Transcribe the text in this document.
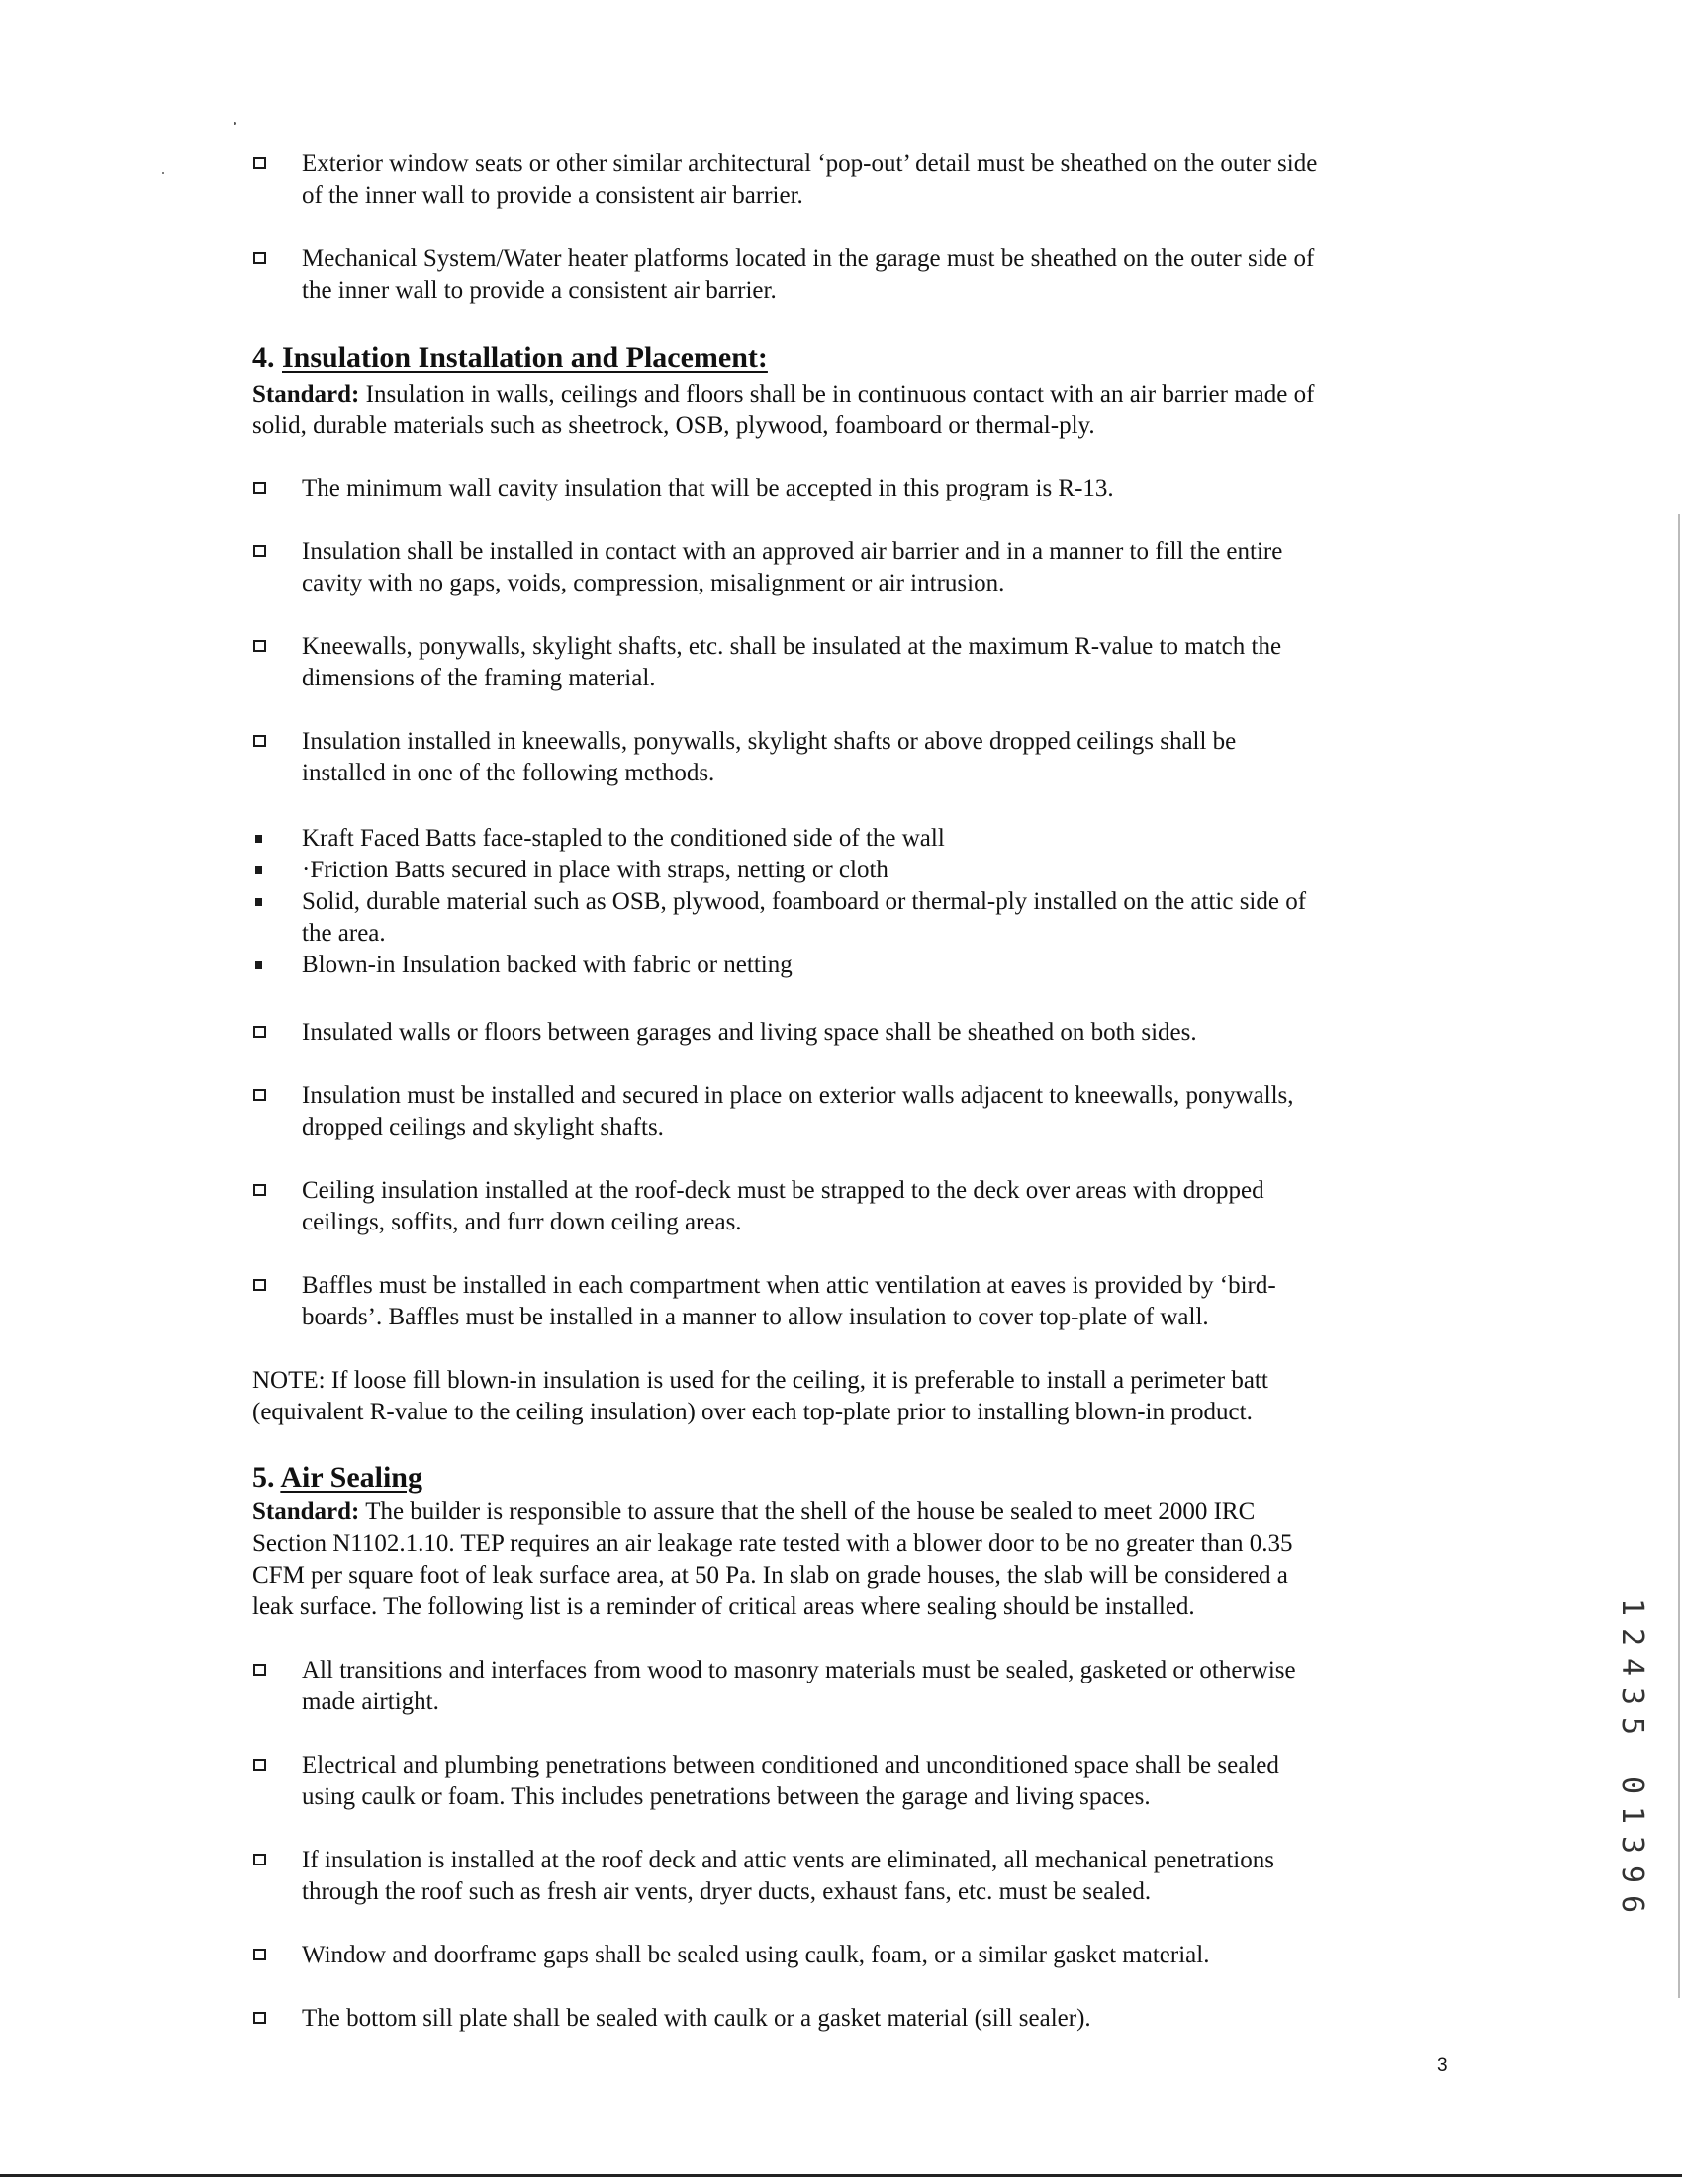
Exterior window seats or other similar architectural ‘pop-out’ detail must be sheathed on the outer side
of the inner wall to provide a consistent air barrier.
Mechanical System/Water heater platforms located in the garage must be sheathed on the outer side of
the inner wall to provide a consistent air barrier.
4. Insulation Installation and Placement:
Standard: Insulation in walls, ceilings and floors shall be in continuous contact with an air barrier made of
solid, durable materials such as sheetrock, OSB, plywood, foamboard or thermal-ply.
The minimum wall cavity insulation that will be accepted in this program is R-13.
Insulation shall be installed in contact with an approved air barrier and in a manner to fill the entire
cavity with no gaps, voids, compression, misalignment or air intrusion.
Kneewalls, ponywalls, skylight shafts, etc. shall be insulated at the maximum R-value to match the
dimensions of the framing material.
Insulation installed in kneewalls, ponywalls, skylight shafts or above dropped ceilings shall be
installed in one of the following methods.
Kraft Faced Batts face-stapled to the conditioned side of the wall
·Friction Batts secured in place with straps, netting or cloth
Solid, durable material such as OSB, plywood, foamboard or thermal-ply installed on the attic side of
the area.
Blown-in Insulation backed with fabric or netting
Insulated walls or floors between garages and living space shall be sheathed on both sides.
Insulation must be installed and secured in place on exterior walls adjacent to kneewalls, ponywalls,
dropped ceilings and skylight shafts.
Ceiling insulation installed at the roof-deck must be strapped to the deck over areas with dropped
ceilings, soffits, and furr down ceiling areas.
Baffles must be installed in each compartment when attic ventilation at eaves is provided by ‘bird-
boards’. Baffles must be installed in a manner to allow insulation to cover top-plate of wall.
NOTE: If loose fill blown-in insulation is used for the ceiling, it is preferable to install a perimeter batt
(equivalent R-value to the ceiling insulation) over each top-plate prior to installing blown-in product.
5. Air Sealing
Standard: The builder is responsible to assure that the shell of the house be sealed to meet 2000 IRC
Section N1102.1.10. TEP requires an air leakage rate tested with a blower door to be no greater than 0.35
CFM per square foot of leak surface area, at 50 Pa. In slab on grade houses, the slab will be considered a
leak surface. The following list is a reminder of critical areas where sealing should be installed.
All transitions and interfaces from wood to masonry materials must be sealed, gasketed or otherwise
made airtight.
Electrical and plumbing penetrations between conditioned and unconditioned space shall be sealed
using caulk or foam. This includes penetrations between the garage and living spaces.
If insulation is installed at the roof deck and attic vents are eliminated, all mechanical penetrations
through the roof such as fresh air vents, dryer ducts, exhaust fans, etc. must be sealed.
Window and doorframe gaps shall be sealed using caulk, foam, or a similar gasket material.
The bottom sill plate shall be sealed with caulk or a gasket material (sill sealer).
3
1
2
4
3
5
0
1
3
9
6
